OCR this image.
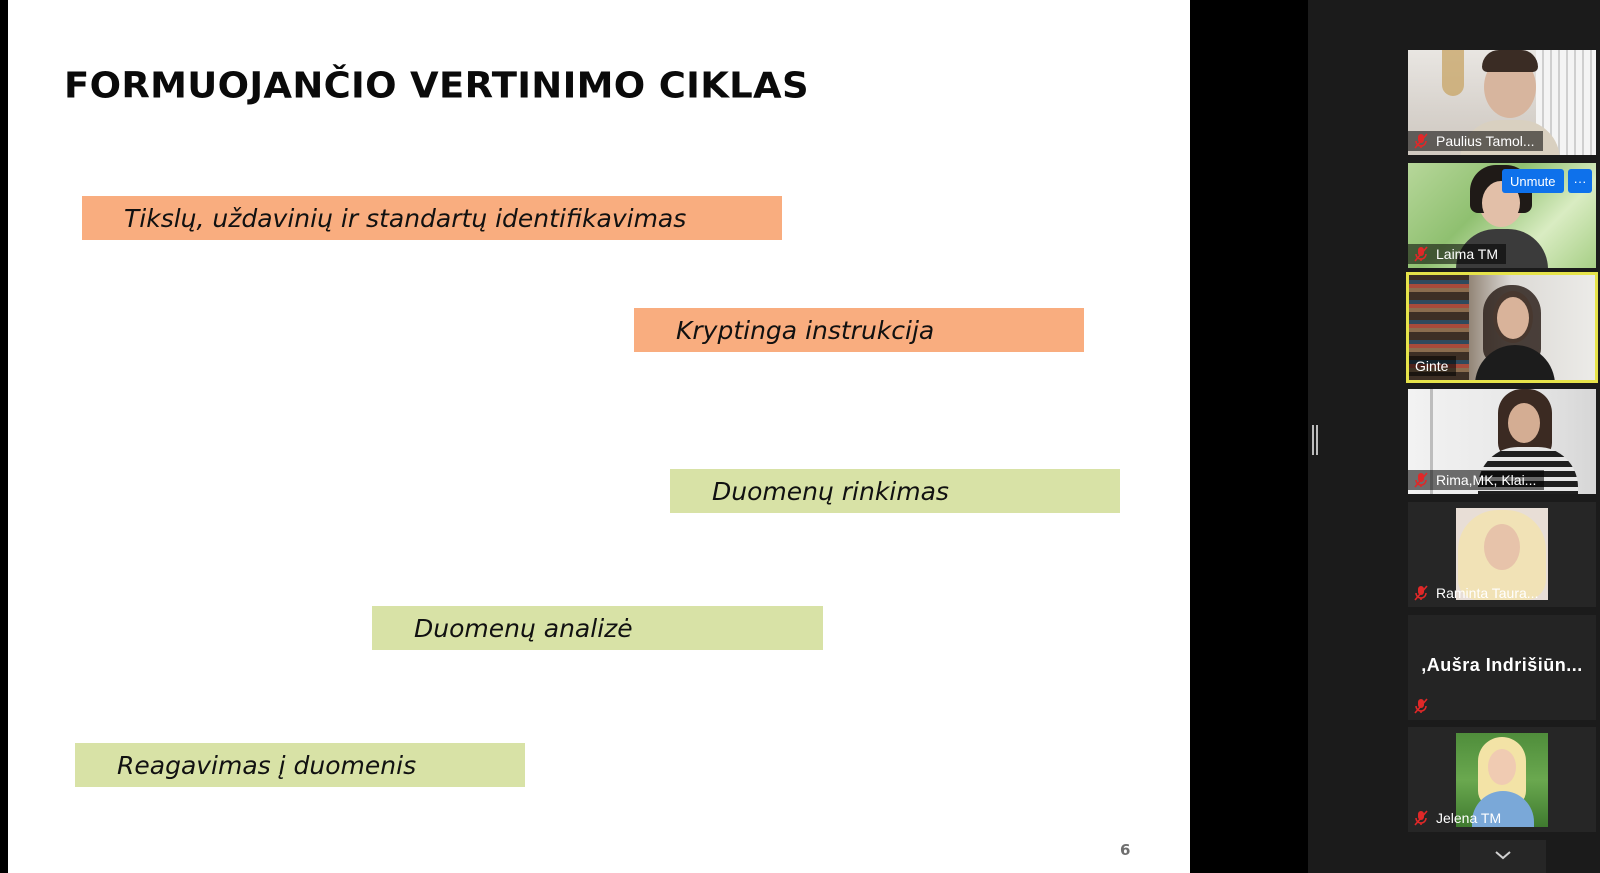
FORMUOJANČIO VERTINIMO CIKLAS
Tikslų, uždavinių ir standartų identifikavimas
Kryptinga instrukcija
Duomenų rinkimas
Duomenų analizė
Reagavimas į duomenis
6
Paulius Tamol...
Unmute	···
Laima TM
Ginte
Rima,MK, Klai...
Raminta Taura...
,Aušra Indrišiūn...
Jelena TM
